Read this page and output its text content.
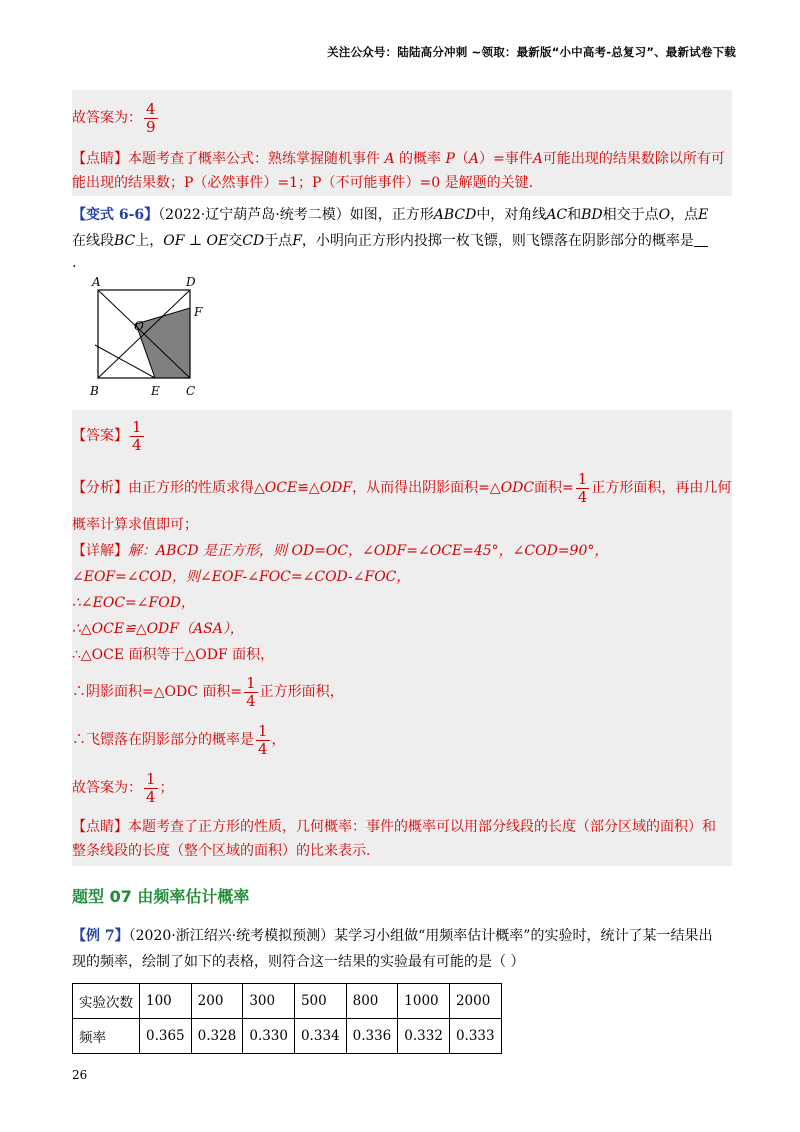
关注公众号：陆陆高分冲刺 ~领取：最新版“小中高考-总复习”、最新试卷下载
故答案为： $\frac{4}{9}$
【点睛】本题考查了概率公式：熟练掌握随机事件 A 的概率 P（A）=事件A可能出现的结果数除以所有可
能出现的结果数；P（必然事件）=1；P（不可能事件）=0 是解题的关键.
【变式 6-6】（2022·辽宁葫芦岛·统考二模）如图，正方形ABCD中，对角线AC和BD相交于点O，点E
在线段BC上，OF ⊥ OE交CD于点F，小明向正方形内投掷一枚飞镖，则飞镖落在阴影部分的概率是
.
A	D
B	C
O
E
F
【答案】 $\frac{1}{4}$
【分析】 由正方形的性质求得△ OCE ≌△ ODF ，从而得出阴影面积=△ ODC 面积= $\frac{1}{4}$ 正方形面积，再由几何
概率计算求值即可；
【详解】解：ABCD 是正方形，则 OD=OC，∠ODF=∠OCE=45°，∠COD=90°，
∠EOF=∠COD，则∠EOF-∠FOC=∠COD-∠FOC，
∴∠EOC=∠FOD，
∴△OCE≌△ODF（ASA），
∴△OCE 面积等于△ODF 面积，
∴阴影面积=△ODC 面积= $\frac{1}{4}$ 正方形面积，
∴飞镖落在阴影部分的概率是 $\frac{1}{4}$ ，
故答案为： $\frac{1}{4}$ ；
【点睛】本题考查了正方形的性质，几何概率：事件的概率可以用部分线段的长度（部分区域的面积）和
整条线段的长度（整个区域的面积）的比来表示.
题型 07 由频率估计概率
【例 7】（2020·浙江绍兴·统考模拟预测）某学习小组做“用频率估计概率”的实验时，统计了某一结果出
现的频率，绘制了如下的表格，则符合这一结果的实验最有可能的是（ ）
实验次数	100	200	300	500	800	1000	2000
频率	0.365	0.328	0.330	0.334	0.336	0.332	0.333
26
